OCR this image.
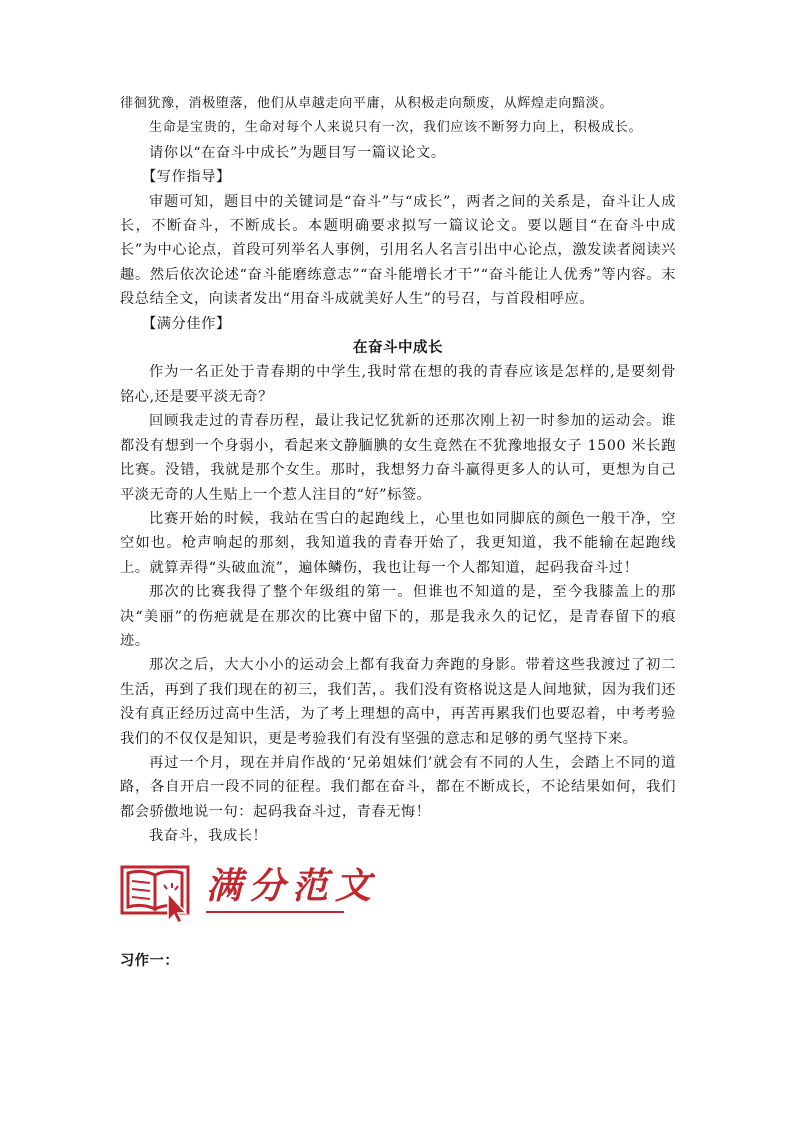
徘徊犹豫，消极堕落，他们从卓越走向平庸，从积极走向颓废，从辉煌走向黯淡。

生命是宝贵的，生命对每个人来说只有一次，我们应该不断努力向上，积极成长。

请你以“在奋斗中成长”为题目写一篇议论文。

【写作指导】

审题可知，题目中的关键词是“奋斗”与“成长”，两者之间的关系是，奋斗让人成长，不断奋斗，不断成长。本题明确要求拟写一篇议论文。要以题目“在奋斗中成长”为中心论点，首段可列举名人事例，引用名人名言引出中心论点，激发读者阅读兴趣。然后依次论述“奋斗能磨练意志”“奋斗能增长才干”“奋斗能让人优秀”等内容。末段总结全文，向读者发出“用奋斗成就美好人生”的号召，与首段相呼应。

【满分佳作】

在奋斗中成长

作为一名正处于青春期的中学生,我时常在想的我的青春应该是怎样的,是要刻骨铭心,还是要平淡无奇？

回顾我走过的青春历程，最让我记忆犹新的还那次刚上初一时参加的运动会。谁都没有想到一个身弱小，看起来文静腼腆的女生竟然在不犹豫地报女子 1500 米长跑比赛。没错，我就是那个女生。那时，我想努力奋斗赢得更多人的认可，更想为自己平淡无奇的人生贴上一个惹人注目的“好”标签。

比赛开始的时候，我站在雪白的起跑线上，心里也如同脚底的颜色一般干净，空空如也。枪声响起的那刻，我知道我的青春开始了，我更知道，我不能输在起跑线上。就算弄得“头破血流”，遍体鳞伤，我也让每一个人都知道，起码我奋斗过！

那次的比赛我得了整个年级组的第一。但谁也不知道的是，至今我膝盖上的那决“美丽”的伤疤就是在那次的比赛中留下的，那是我永久的记忆，是青春留下的痕迹。

那次之后，大大小小的运动会上都有我奋力奔跑的身影。带着这些我渡过了初二生活，再到了我们现在的初三，我们苦，。我们没有资格说这是人间地狱，因为我们还没有真正经历过高中生活，为了考上理想的高中，再苦再累我们也要忍着，中考考验我们的不仅仅是知识，更是考验我们有没有坚强的意志和足够的勇气坚持下来。

再过一个月，现在并肩作战的‘兄弟姐妹们’就会有不同的人生，会踏上不同的道路，各自开启一段不同的征程。我们都在奋斗，都在不断成长，不论结果如何，我们都会骄傲地说一句：起码我奋斗过，青春无悔！

我奋斗，我成长！

满分范文

习作一：
